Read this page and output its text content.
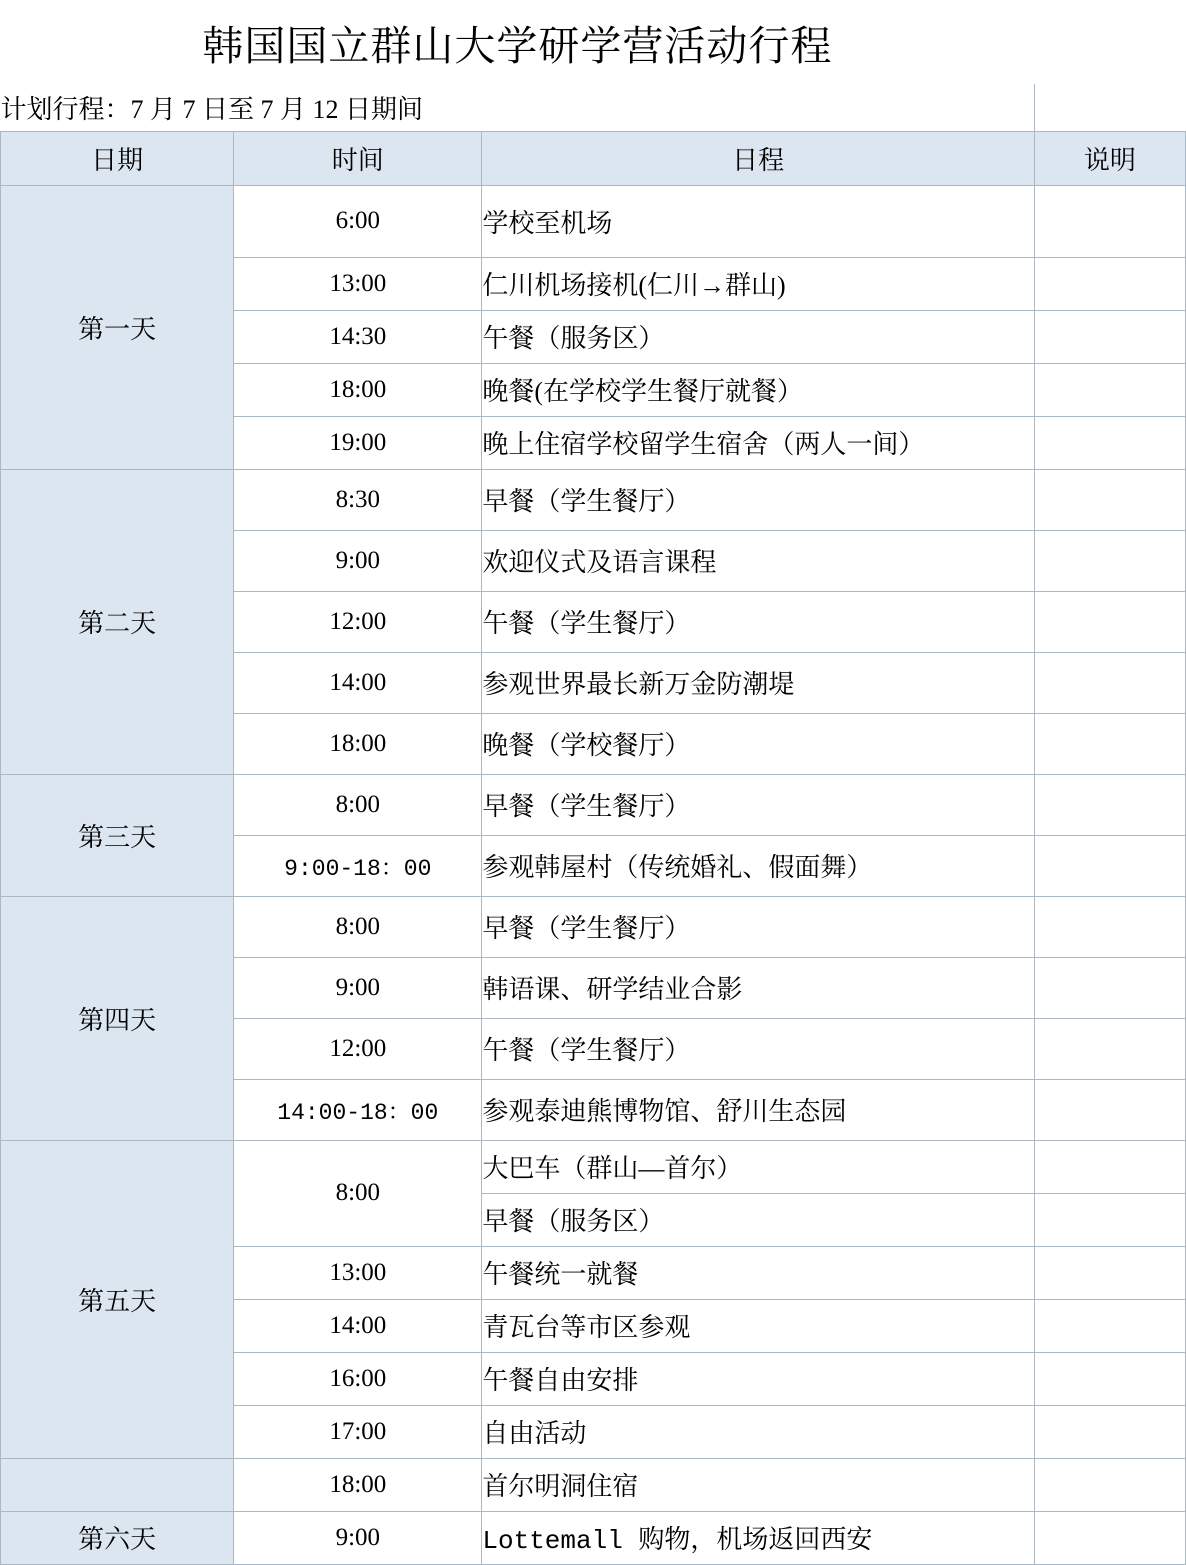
韩国国立群山大学研学营活动行程			
计划行程：7 月 7 日至 7 月 12 日期间			
日期	时间	日程	说明
第一天	6:00	学校至机场	
	13:00	仁川机场接机(仁川→群山)	
	14:30	午餐（服务区）	
	18:00	晚餐(在学校学生餐厅就餐）	
	19:00	晚上住宿学校留学生宿舍（两人一间）	
第二天	8:30	早餐（学生餐厅）	
	9:00	欢迎仪式及语言课程	
	12:00	午餐（学生餐厅）	
	14:00	参观世界最长新万金防潮堤	
	18:00	晚餐（学校餐厅）	
第三天	8:00	早餐（学生餐厅）	
	9:00-18：00	参观韩屋村（传统婚礼、假面舞）	
第四天	8:00	早餐（学生餐厅）	
	9:00	韩语课、研学结业合影	
	12:00	午餐（学生餐厅）	
	14:00-18：00	参观泰迪熊博物馆、舒川生态园	
第五天	8:00	大巴车（群山—首尔）	
		早餐（服务区）	
	13:00	午餐统一就餐	
	14:00	青瓦台等市区参观	
	16:00	午餐自由安排	
	17:00	自由活动	
	18:00	首尔明洞住宿	
第六天	9:00	Lottemall 购物，机场返回西安	
